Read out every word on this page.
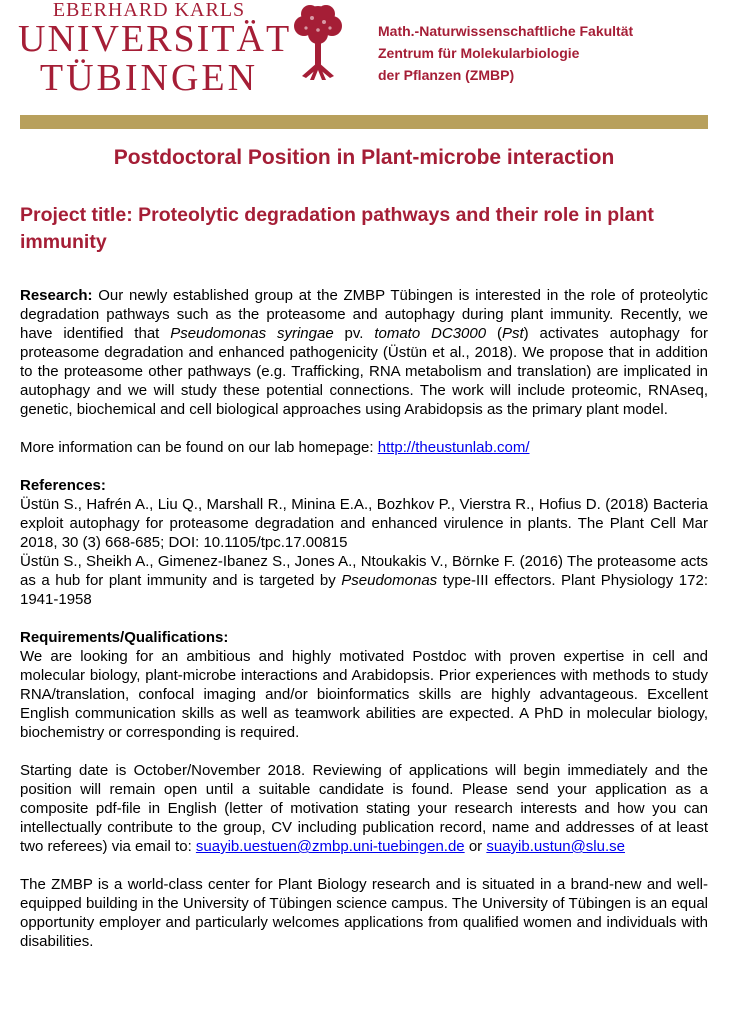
EBERHARD KARLS
UNIVERSITÄT
TÜBINGEN
Math.-Naturwissenschaftliche Fakultät
Zentrum für Molekularbiologie
der Pflanzen (ZMBP)
Postdoctoral Position in Plant-microbe interaction
Project title: Proteolytic degradation pathways and their role in plant immunity

Research: Our newly established group at the ZMBP Tübingen is interested in the role of proteolytic degradation pathways such as the proteasome and autophagy during plant immunity. Recently, we have identified that Pseudomonas syringae pv. tomato DC3000 (Pst) activates autophagy for proteasome degradation and enhanced pathogenicity (Üstün et al., 2018). We propose that in addition to the proteasome other pathways (e.g. Trafficking, RNA metabolism and translation) are implicated in autophagy and we will study these potential connections. The work will include proteomic, RNAseq, genetic, biochemical and cell biological approaches using Arabidopsis as the primary plant model.

More information can be found on our lab homepage: http://theustunlab.com/

References:

Üstün S., Hafrén A., Liu Q., Marshall R., Minina E.A., Bozhkov P., Vierstra R., Hofius D. (2018) Bacteria exploit autophagy for proteasome degradation and enhanced virulence in plants. The Plant Cell Mar 2018, 30 (3) 668-685; DOI: 10.1105/tpc.17.00815

Üstün S., Sheikh A., Gimenez-Ibanez S., Jones A., Ntoukakis V., Börnke F. (2016) The proteasome acts as a hub for plant immunity and is targeted by Pseudomonas type-III effectors. Plant Physiology 172: 1941-1958

Requirements/Qualifications:

We are looking for an ambitious and highly motivated Postdoc with proven expertise in cell and molecular biology, plant-microbe interactions and Arabidopsis. Prior experiences with methods to study RNA/translation, confocal imaging and/or bioinformatics skills are highly advantageous. Excellent English communication skills as well as teamwork abilities are expected. A PhD in molecular biology, biochemistry or corresponding is required.

Starting date is October/November 2018. Reviewing of applications will begin immediately and the position will remain open until a suitable candidate is found. Please send your application as a composite pdf-file in English (letter of motivation stating your research interests and how you can intellectually contribute to the group, CV including publication record, name and addresses of at least two referees) via email to: suayib.uestuen@zmbp.uni-tuebingen.de or suayib.ustun@slu.se

The ZMBP is a world-class center for Plant Biology research and is situated in a brand-new and well-equipped building in the University of Tübingen science campus. The University of Tübingen is an equal opportunity employer and particularly welcomes applications from qualified women and individuals with disabilities.
